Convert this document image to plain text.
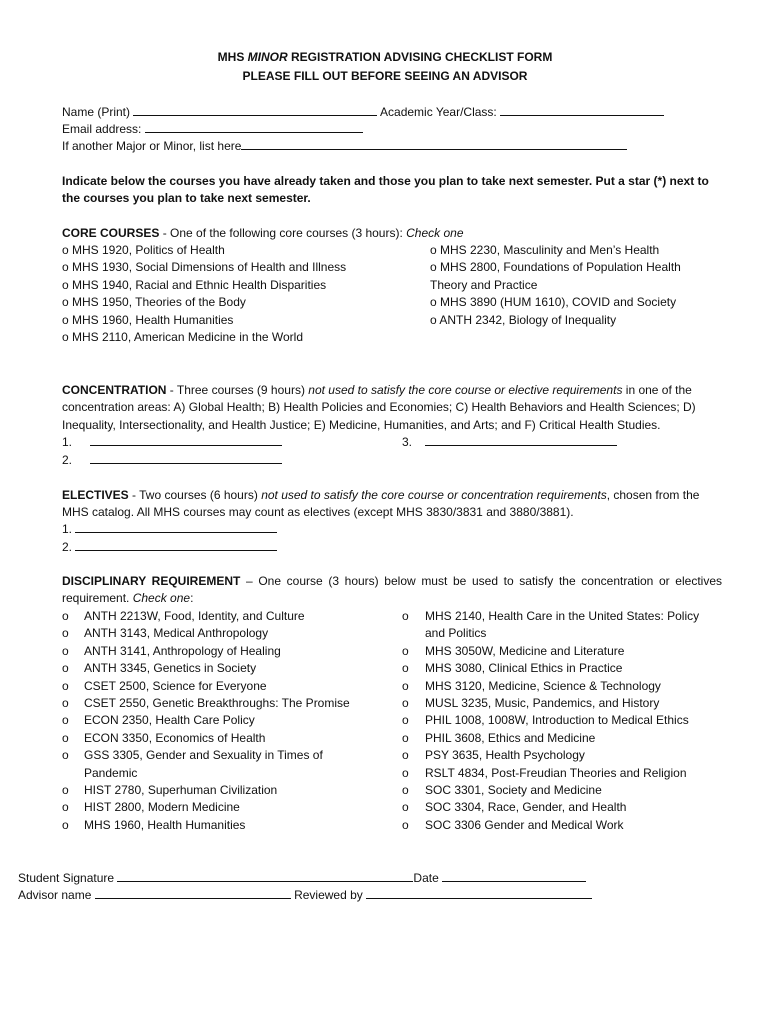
MHS MINOR REGISTRATION ADVISING CHECKLIST FORM
PLEASE FILL OUT BEFORE SEEING AN ADVISOR
Name (Print)	Academic Year/Class:
Email address:
If another Major or Minor, list here
Indicate below the courses you have already taken and those you plan to take next semester. Put a star (*) next to the courses you plan to take next semester.
CORE COURSES - One of the following core courses (3 hours): Check one
o MHS 1920, Politics of Health
o MHS 1930, Social Dimensions of Health and Illness
o MHS 1940, Racial and Ethnic Health Disparities
o MHS 1950, Theories of the Body
o MHS 1960, Health Humanities
o MHS 2110, American Medicine in the World
o MHS 2230, Masculinity and Men’s Health
o MHS 2800, Foundations of Population Health
Theory and Practice
o MHS 3890 (HUM 1610), COVID and Society
o ANTH 2342, Biology of Inequality
CONCENTRATION - Three courses (9 hours) not used to satisfy the core course or elective requirements in one of the concentration areas: A) Global Health; B) Health Policies and Economies; C) Health Behaviors and Health Sciences; D) Inequality, Intersectionality, and Health Justice; E) Medicine, Humanities, and Arts; and F) Critical Health Studies.
1.	3.
2.
ELECTIVES - Two courses (6 hours) not used to satisfy the core course or concentration requirements, chosen from the MHS catalog. All MHS courses may count as electives (except MHS 3830/3831 and 3880/3881).
1.
2.
DISCIPLINARY REQUIREMENT – One course (3 hours) below must be used to satisfy the concentration or electives requirement. Check one:
o	ANTH 2213W, Food, Identity, and Culture
o	ANTH 3143, Medical Anthropology
o	ANTH 3141, Anthropology of Healing
o	ANTH 3345, Genetics in Society
o	CSET 2500, Science for Everyone
o	CSET 2550, Genetic Breakthroughs: The Promise
o	ECON 2350, Health Care Policy
o	ECON 3350, Economics of Health
o	GSS 3305, Gender and Sexuality in Times of
Pandemic
o	HIST 2780, Superhuman Civilization
o	HIST 2800, Modern Medicine
o	MHS 1960, Health Humanities
o	MHS 2140, Health Care in the United States: Policy
and Politics
o	MHS 3050W, Medicine and Literature
o	MHS 3080, Clinical Ethics in Practice
o	MHS 3120, Medicine, Science & Technology
o	MUSL 3235, Music, Pandemics, and History
o	PHIL 1008, 1008W, Introduction to Medical Ethics
o	PHIL 3608, Ethics and Medicine
o	PSY 3635, Health Psychology
o	RSLT 4834, Post-Freudian Theories and Religion
o	SOC 3301, Society and Medicine
o	SOC 3304, Race, Gender, and Health
o	SOC 3306 Gender and Medical Work
Student Signature	Date
Advisor name	Reviewed by
